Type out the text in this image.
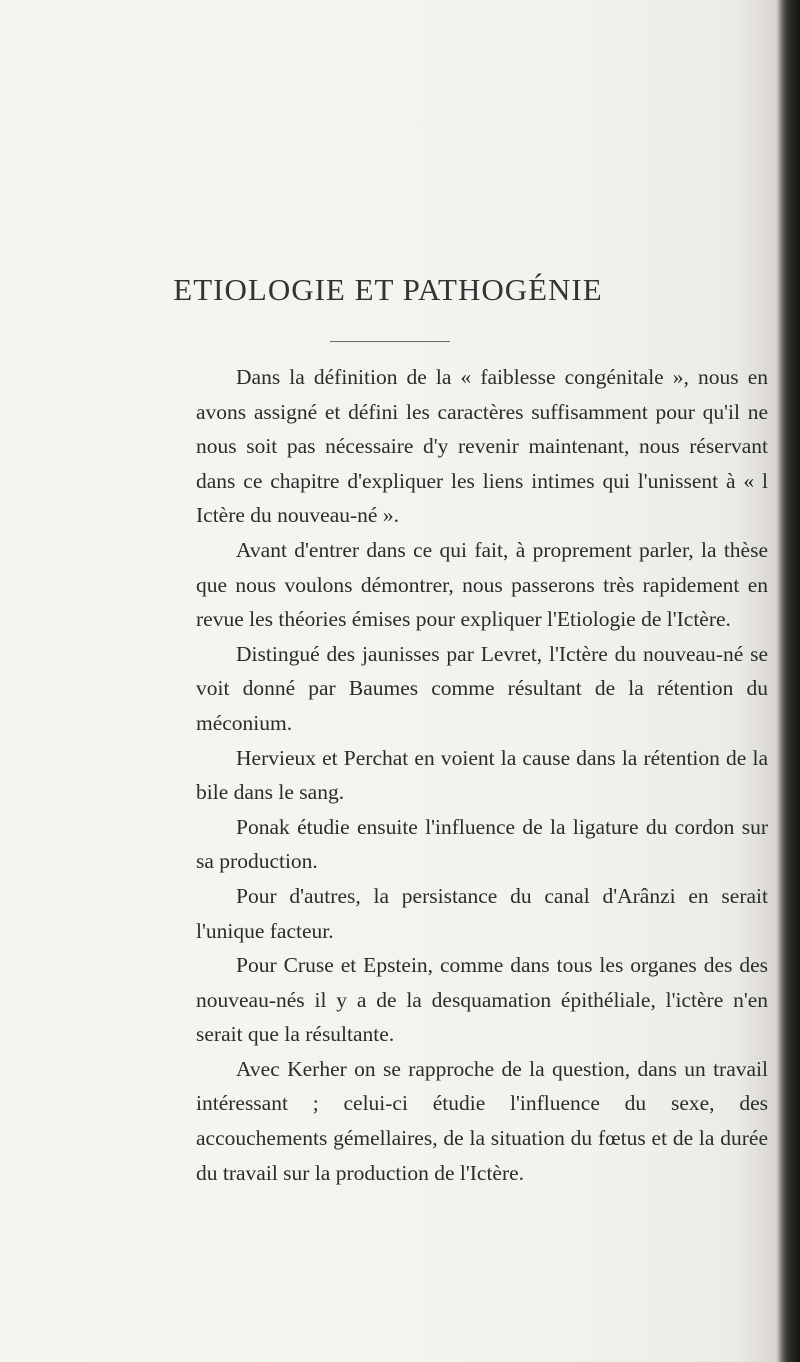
ETIOLOGIE ET PATHOGÉNIE

Dans la définition de la « faiblesse congénitale », nous en avons assigné et défini les caractères suffisamment pour qu'il ne nous soit pas nécessaire d'y revenir maintenant, nous réservant dans ce chapitre d'expliquer les liens intimes qui l'unissent à « l Ictère du nouveau-né ».

Avant d'entrer dans ce qui fait, à proprement parler, la thèse que nous voulons démontrer, nous passerons très rapidement en revue les théories émises pour expliquer l'Etiologie de l'Ictère.

Distingué des jaunisses par Levret, l'Ictère du nouveau-né se voit donné par Baumes comme résultant de la rétention du méconium.

Hervieux et Perchat en voient la cause dans la rétention de la bile dans le sang.

Ponak étudie ensuite l'influence de la ligature du cordon sur sa production.

Pour d'autres, la persistance du canal d'Arânzi en serait l'unique facteur.

Pour Cruse et Epstein, comme dans tous les organes des des nouveau-nés il y a de la desquamation épithéliale, l'ictère n'en serait que la résultante.

Avec Kerher on se rapproche de la question, dans un travail intéressant ; celui-ci étudie l'influence du sexe, des accouchements gémellaires, de la situation du fœtus et de la durée du travail sur la production de l'Ictère.
